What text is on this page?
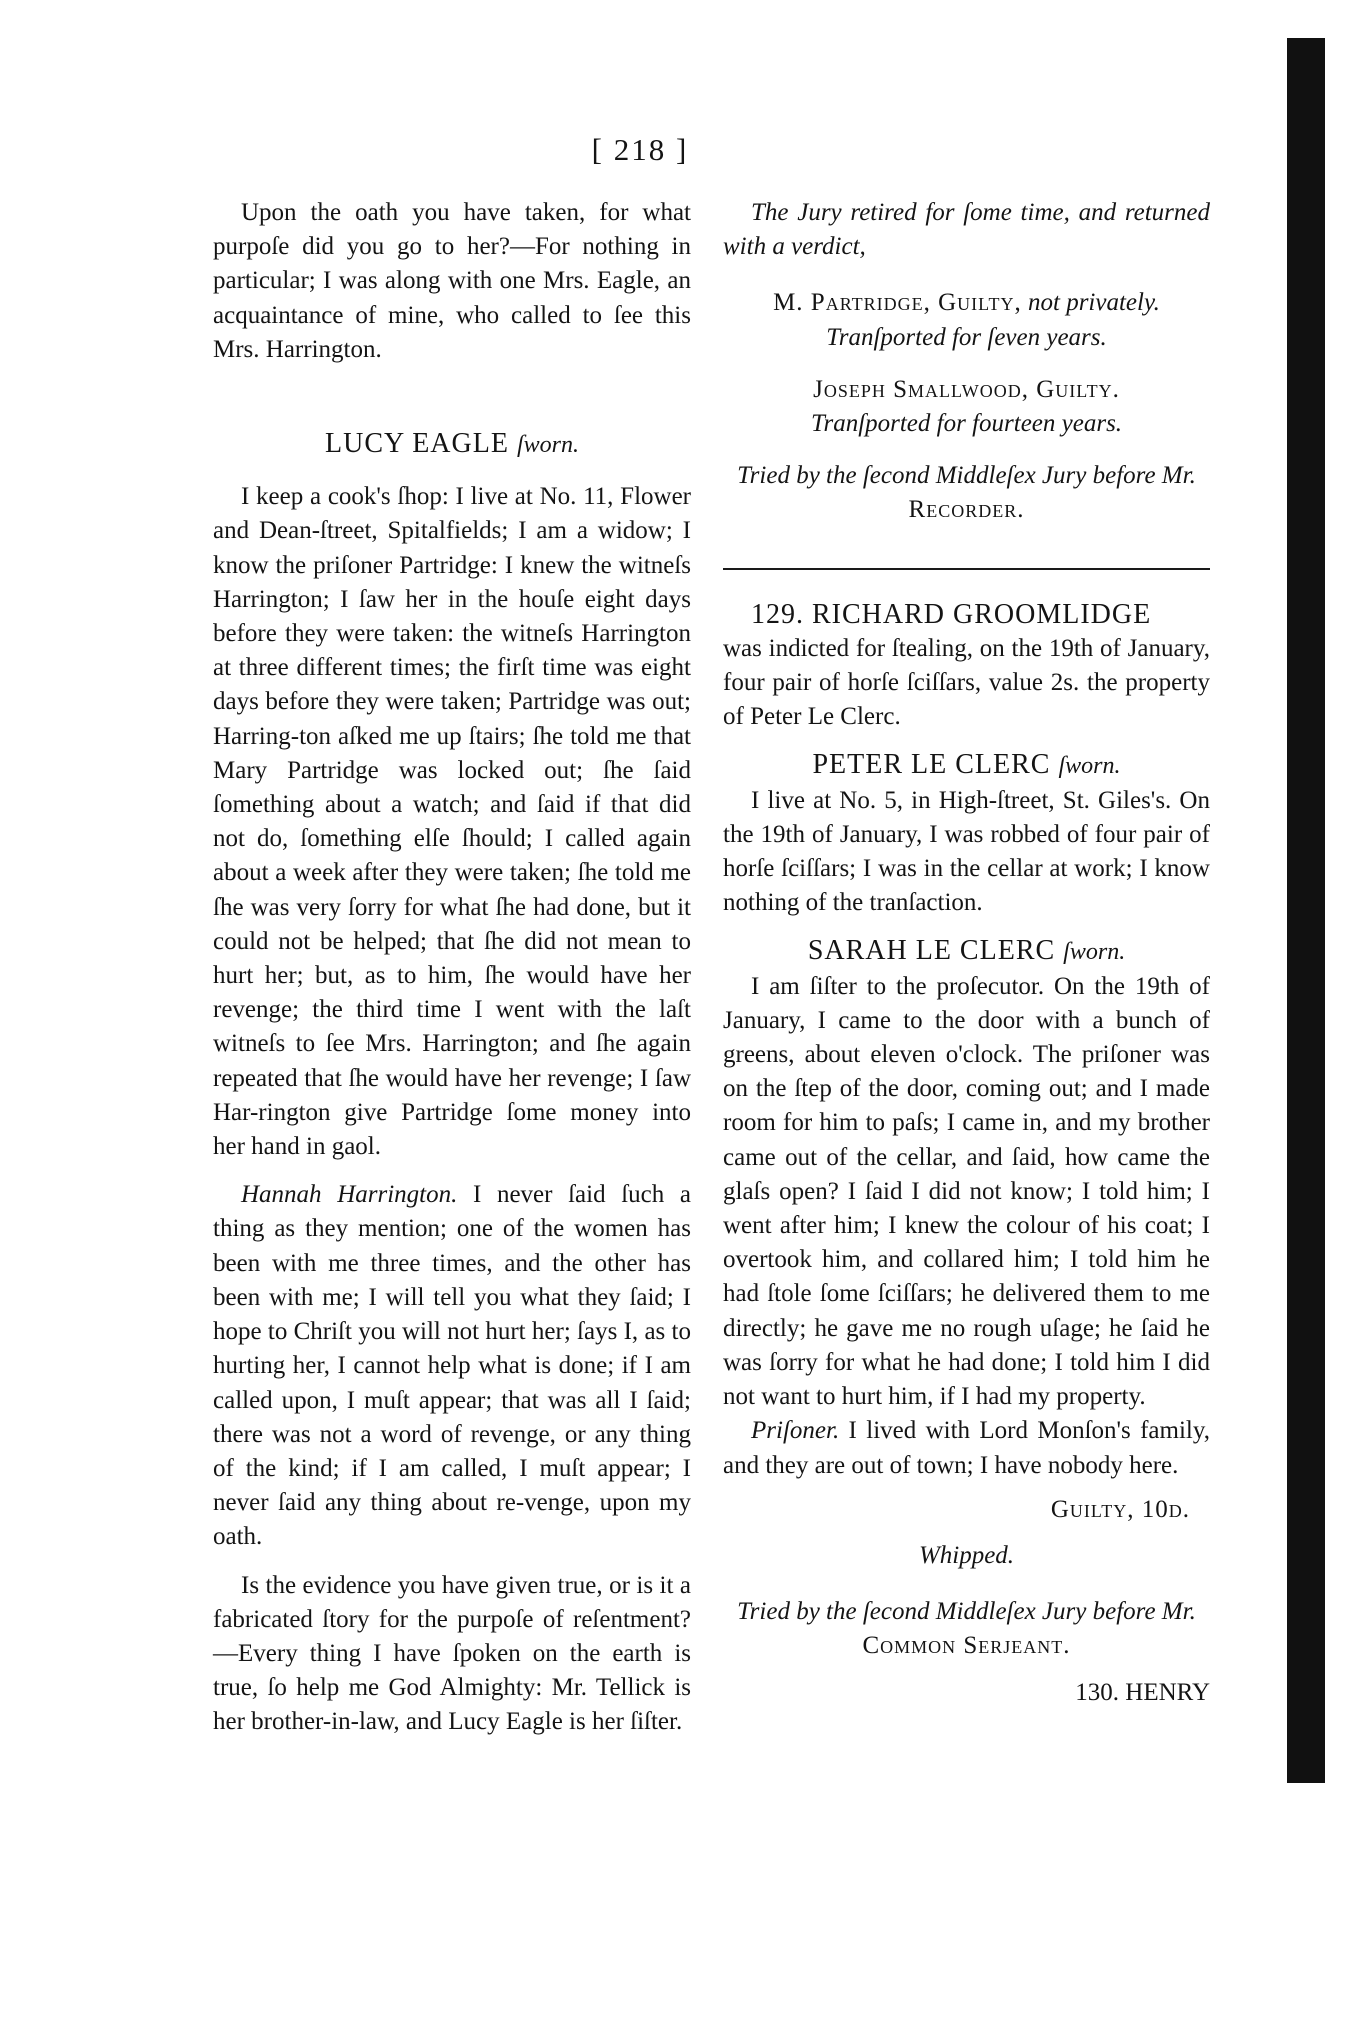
[ 218 ]

Upon the oath you have taken, for what purpoſe did you go to her?—For nothing in particular; I was along with one Mrs. Eagle, an acquaintance of mine, who called to ſee this Mrs. Harrington.

LUCY EAGLE ſworn.

I keep a cook's ſhop: I live at No. 11, Flower and Dean-ſtreet, Spitalfields; I am a widow; I know the priſoner Partridge: I knew the witneſs Harrington; I ſaw her in the houſe eight days before they were taken: the witneſs Harrington at three different times; the firſt time was eight days before they were taken; Partridge was out; Harring-ton aſked me up ſtairs; ſhe told me that Mary Partridge was locked out; ſhe ſaid ſomething about a watch; and ſaid if that did not do, ſomething elſe ſhould; I called again about a week after they were taken; ſhe told me ſhe was very ſorry for what ſhe had done, but it could not be helped; that ſhe did not mean to hurt her; but, as to him, ſhe would have her revenge; the third time I went with the laſt witneſs to ſee Mrs. Harrington; and ſhe again repeated that ſhe would have her revenge; I ſaw Har-rington give Partridge ſome money into her hand in gaol.

Hannah Harrington. I never ſaid ſuch a thing as they mention; one of the women has been with me three times, and the other has been with me; I will tell you what they ſaid; I hope to Chriſt you will not hurt her; ſays I, as to hurting her, I cannot help what is done; if I am called upon, I muſt appear; that was all I ſaid; there was not a word of revenge, or any thing of the kind; if I am called, I muſt appear; I never ſaid any thing about re-venge, upon my oath.

Is the evidence you have given true, or is it a fabricated ſtory for the purpoſe of reſentment?—Every thing I have ſpoken on the earth is true, ſo help me God Almighty: Mr. Tellick is her brother-in-law, and Lucy Eagle is her ſiſter.

The Jury retired for ſome time, and returned with a verdict,

M. Partridge, Guilty, not privately.

Tranſported for ſeven years.

Joseph Smallwood, Guilty.

Tranſported for fourteen years.

Tried by the ſecond Middleſex Jury before Mr. Recorder.

129. RICHARD GROOMLIDGE

was indicted for ſtealing, on the 19th of January, four pair of horſe ſciſſars, value 2s. the property of Peter Le Clerc.

PETER LE CLERC ſworn.

I live at No. 5, in High-ſtreet, St. Giles's. On the 19th of January, I was robbed of four pair of horſe ſciſſars; I was in the cellar at work; I know nothing of the tranſaction.

SARAH LE CLERC ſworn.

I am ſiſter to the proſecutor. On the 19th of January, I came to the door with a bunch of greens, about eleven o'clock. The priſoner was on the ſtep of the door, coming out; and I made room for him to paſs; I came in, and my brother came out of the cellar, and ſaid, how came the glaſs open? I ſaid I did not know; I told him; I went after him; I knew the colour of his coat; I overtook him, and collared him; I told him he had ſtole ſome ſciſſars; he delivered them to me directly; he gave me no rough uſage; he ſaid he was ſorry for what he had done; I told him I did not want to hurt him, if I had my property.

Priſoner. I lived with Lord Monſon's family, and they are out of town; I have nobody here.

Guilty, 10d.

Whipped.

Tried by the ſecond Middleſex Jury before Mr. Common Serjeant.

130. HENRY
